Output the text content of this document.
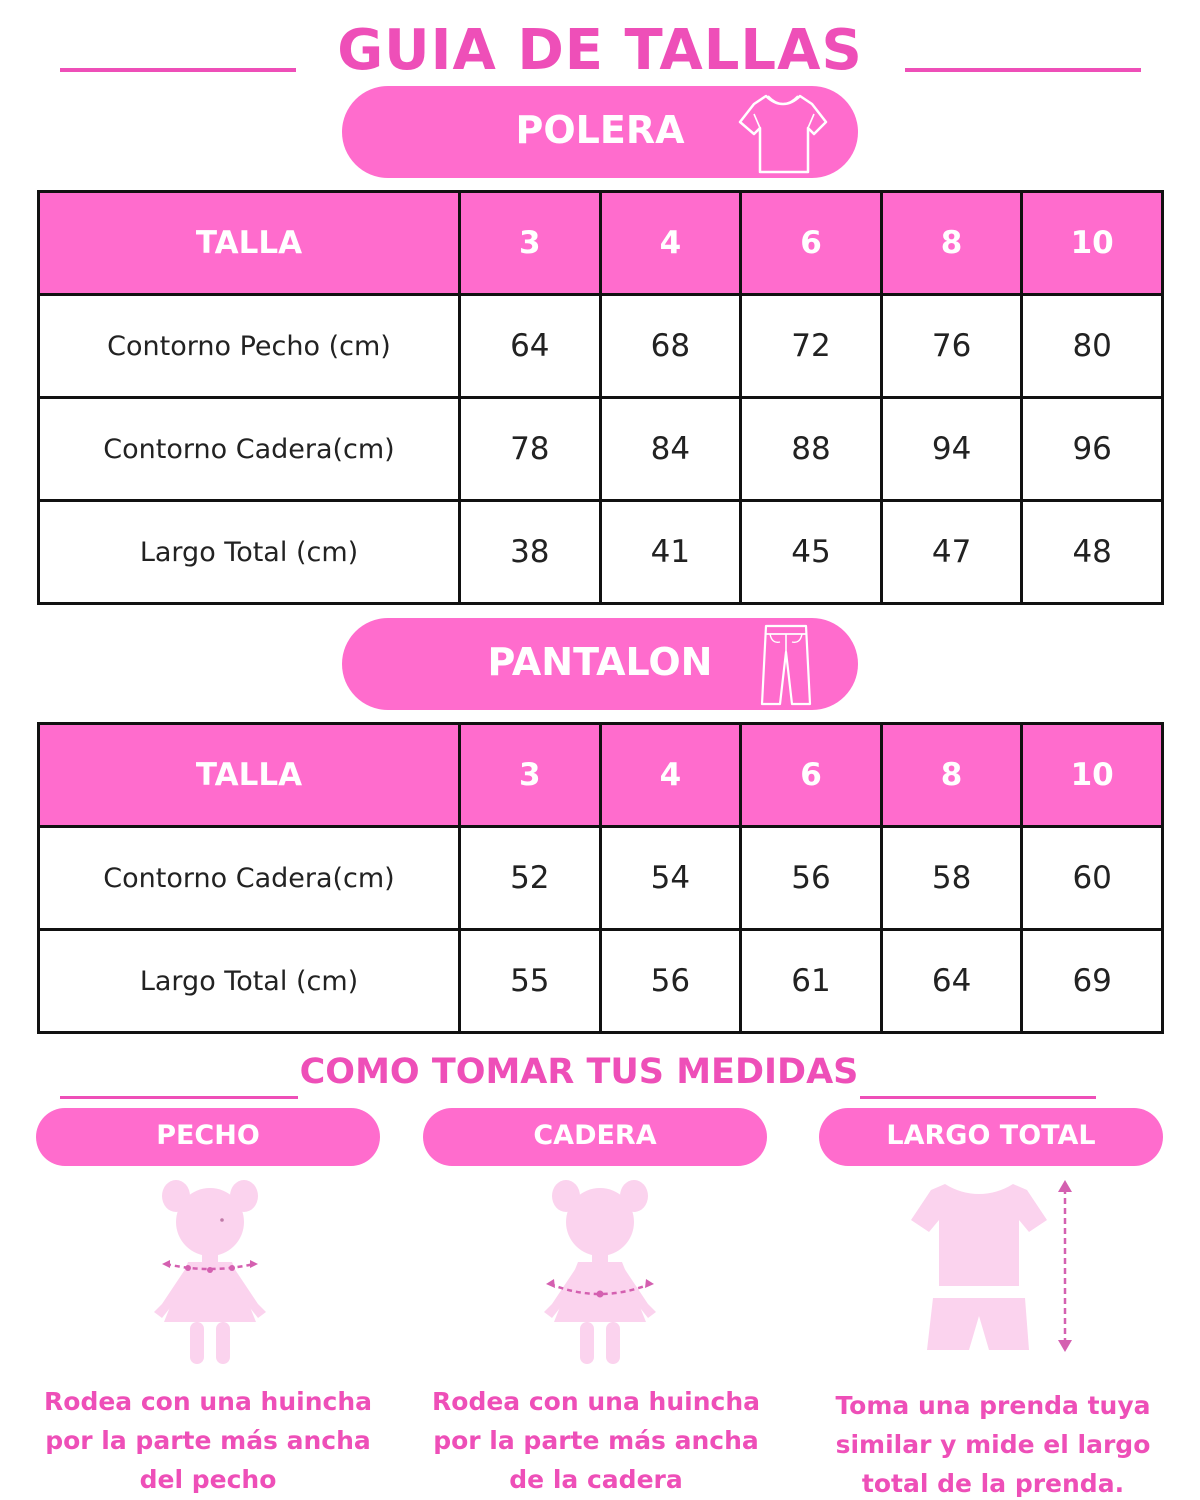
GUIA DE TALLAS
POLERA
TALLA	3	4	6	8	10
Contorno Pecho (cm)	64	68	72	76	80
Contorno Cadera(cm)	78	84	88	94	96
Largo Total (cm)	38	41	45	47	48
PANTALON
TALLA	3	4	6	8	10
Contorno Cadera(cm)	52	54	56	58	60
Largo Total (cm)	55	56	61	64	69
COMO TOMAR TUS MEDIDAS
PECHO	CADERA	LARGO TOTAL
Rodea con una huincha
por la parte más ancha
del pecho
Rodea con una huincha
por la parte más ancha
de la cadera
Toma una prenda tuya
similar y mide el largo
total de la prenda.
